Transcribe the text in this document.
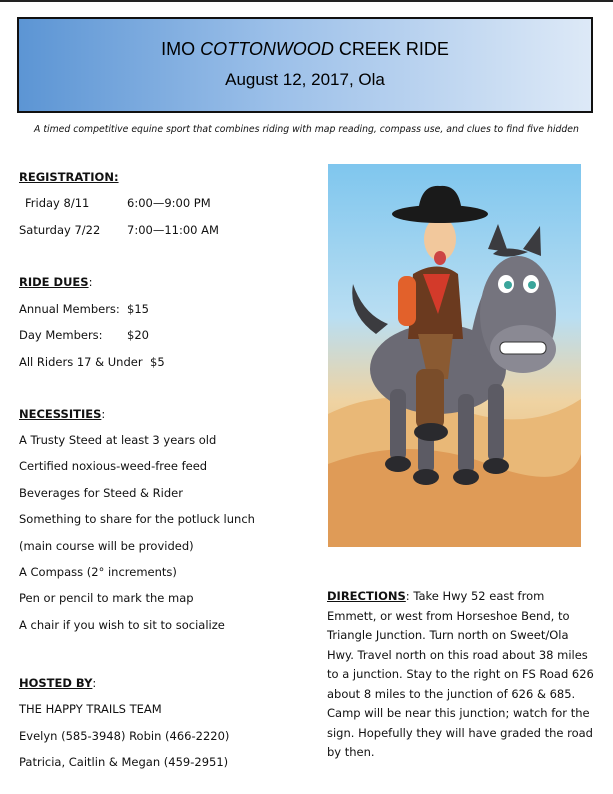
IMO COTTONWOOD CREEK RIDE
August 12, 2017, Ola
A timed competitive equine sport that combines riding with map reading, compass use, and clues to find five hidden
REGISTRATION:
Friday 8/11	6:00—9:00 PM
Saturday 7/22 7:00—11:00 AM
RIDE DUES:
Annual Members: $15
Day Members: $20
All Riders 17 & Under $5
NECESSITIES:
A Trusty Steed at least 3 years old
Certified noxious-weed-free feed
Beverages for Steed & Rider
Something to share for the potluck lunch
(main course will be provided)
A Compass (2° increments)
Pen or pencil to mark the map
A chair if you wish to sit to socialize
HOSTED BY:
THE HAPPY TRAILS TEAM
Evelyn (585-3948) Robin (466-2220)
Patricia, Caitlin & Megan (459-2951)
DIRECTIONS: Take Hwy 52 east from Emmett, or west from Horseshoe Bend, to Triangle Junction. Turn north on Sweet/Ola Hwy. Travel north on this road about 38 miles to a junction. Stay to the right on FS Road 626 about 8 miles to the junction of 626 & 685. Camp will be near this junction; watch for the sign. Hopefully they will have graded the road by then.
